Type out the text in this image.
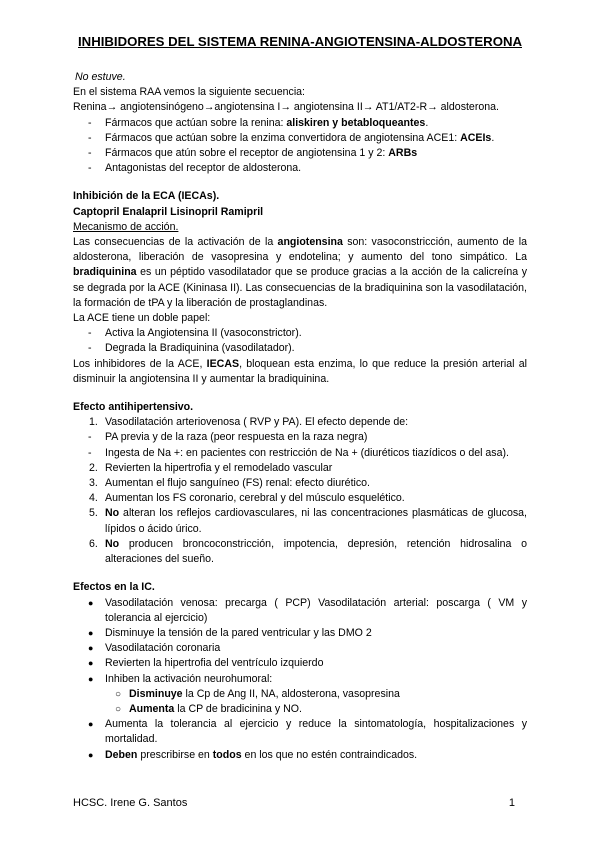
INHIBIDORES DEL SISTEMA RENINA-ANGIOTENSINA-ALDOSTERONA

No estuve.

En el sistema RAA vemos la siguiente secuencia:

Renina→ angiotensinógeno→angiotensina I→ angiotensina II→ AT1/AT2-R→ aldosterona.

-	Fármacos que actúan sobre la renina: aliskiren y betabloqueantes.
-	Fármacos que actúan sobre la enzima convertidora de angiotensina ACE1: ACEIs.
-	Fármacos que atún sobre el receptor de angiotensina 1 y 2: ARBs
-	Antagonistas del receptor de aldosterona.

Inhibición de la ECA (IECAs).

Captopril Enalapril Lisinopril Ramipril

Mecanismo de acción.

Las consecuencias de la activación de la angiotensina son: vasoconstricción, aumento de la aldosterona, liberación de vasopresina y endotelina; y aumento del tono simpático. La bradiquinina es un péptido vasodilatador que se produce gracias a la acción de la calicreína y se degrada por la ACE (Kininasa II). Las consecuencias de la bradiquinina son la vasodilatación, la formación de tPA y la liberación de prostaglandinas.

La ACE tiene un doble papel:

-	Activa la Angiotensina II (vasoconstrictor).
-	Degrada la Bradiquinina (vasodilatador).

Los inhibidores de la ACE, IECAS, bloquean esta enzima, lo que reduce la presión arterial al disminuir la angiotensina II y aumentar la bradiquinina.

Efecto antihipertensivo.

1. Vasodilatación arteriovenosa ( RVP y PA). El efecto depende de:
-	PA previa y de la raza (peor respuesta en la raza negra)
-	Ingesta de Na +: en pacientes con restricción de Na + (diuréticos tiazídicos o del asa).
2. Revierten la hipertrofia y el remodelado vascular
3. Aumentan el flujo sanguíneo (FS) renal: efecto diurético.
4. Aumentan los FS coronario, cerebral y del músculo esquelético.
5. No alteran los reflejos cardiovasculares, ni las concentraciones plasmáticas de glucosa, lípidos o ácido úrico.
6. No producen broncoconstricción, impotencia, depresión, retención hidrosalina o alteraciones del sueño.

Efectos en la IC.

●	Vasodilatación venosa: precarga ( PCP) Vasodilatación arterial: poscarga ( VM y tolerancia al ejercicio)
●	Disminuye la tensión de la pared ventricular y las DMO 2
●	Vasodilatación coronaria
●	Revierten la hipertrofia del ventrículo izquierdo
●	Inhiben la activación neurohumoral:
○ Disminuye la Cp de Ang II, NA, aldosterona, vasopresina
○ Aumenta la CP de bradicinina y NO.
●	Aumenta la tolerancia al ejercicio y reduce la sintomatología, hospitalizaciones y mortalidad.
●	Deben prescribirse en todos en los que no estén contraindicados.
HCSC. Irene G. Santos	1
